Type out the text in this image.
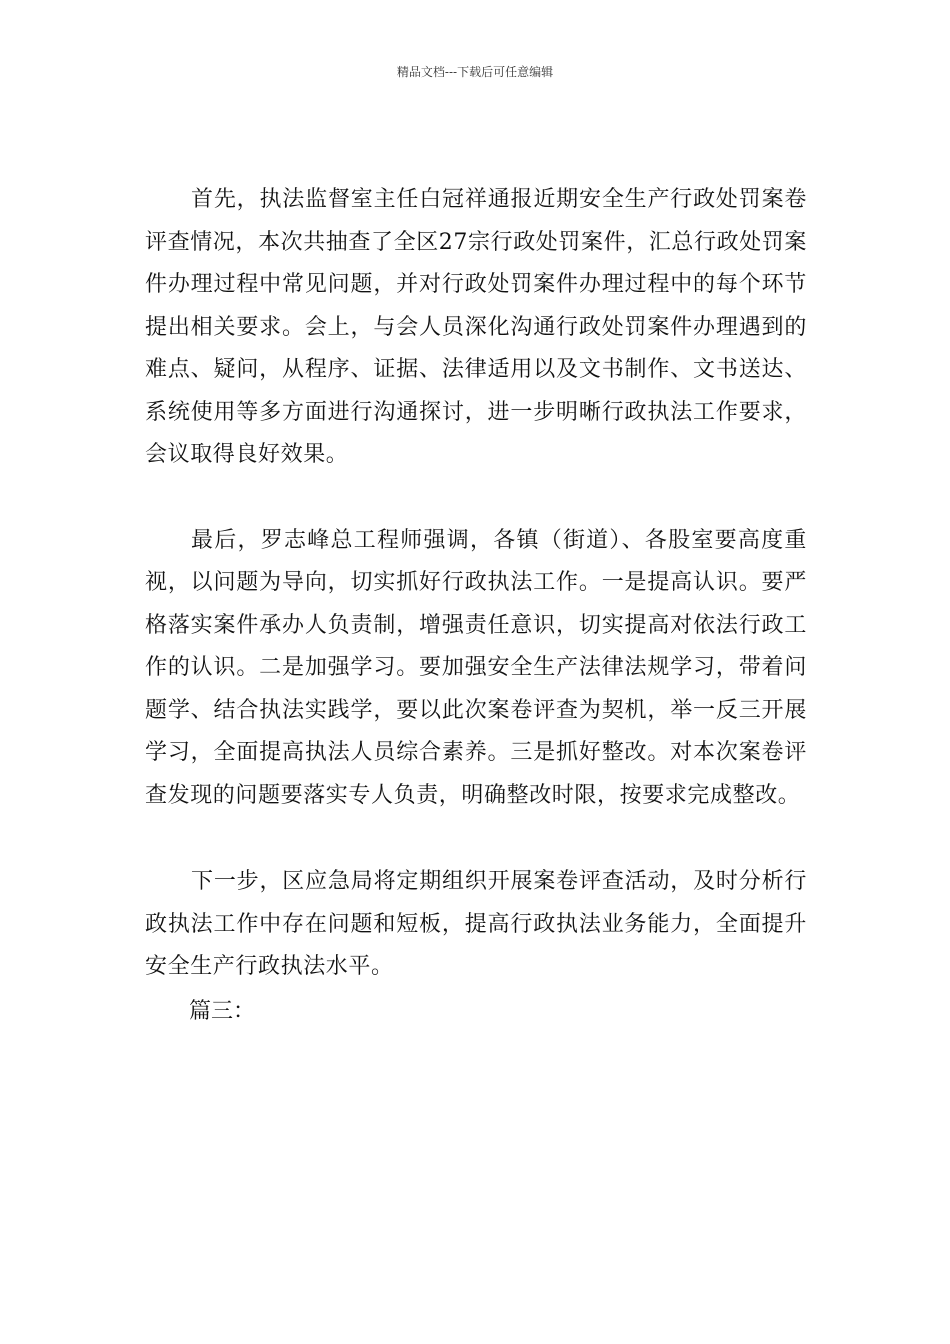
精品文档---下载后可任意编辑

首先，执法监督室主任白冠祥通报近期安全生产行政处罚案卷评查情况，本次共抽查了全区27宗行政处罚案件，汇总行政处罚案件办理过程中常见问题，并对行政处罚案件办理过程中的每个环节提出相关要求。会上，与会人员深化沟通行政处罚案件办理遇到的难点、疑问，从程序、证据、法律适用以及文书制作、文书送达、系统使用等多方面进行沟通探讨，进一步明晰行政执法工作要求，会议取得良好效果。

最后，罗志峰总工程师强调，各镇（街道）、各股室要高度重视，以问题为导向，切实抓好行政执法工作。一是提高认识。要严格落实案件承办人负责制，增强责任意识，切实提高对依法行政工作的认识。二是加强学习。要加强安全生产法律法规学习，带着问题学、结合执法实践学，要以此次案卷评查为契机，举一反三开展学习，全面提高执法人员综合素养。三是抓好整改。对本次案卷评查发现的问题要落实专人负责，明确整改时限，按要求完成整改。

下一步，区应急局将定期组织开展案卷评查活动，及时分析行政执法工作中存在问题和短板，提高行政执法业务能力，全面提升安全生产行政执法水平。

篇三：
